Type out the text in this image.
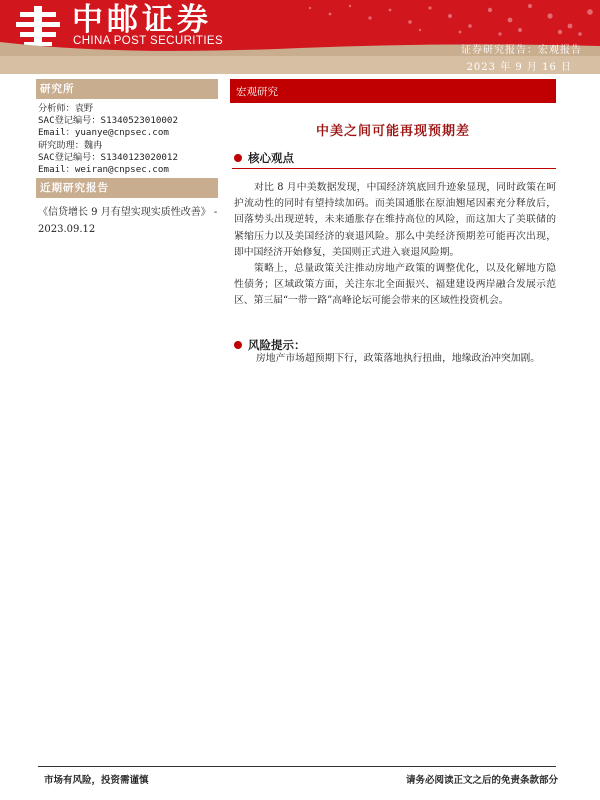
中邮证券
CHINA POST SECURITIES
证券研究报告：宏观报告
2023 年 9 月 16 日
研究所
分析师：袁野
SAC登记编号：S1340523010002
Email：yuanye@cnpsec.com
研究助理：魏冉
SAC登记编号：S1340123020012
Email：weiran@cnpsec.com
近期研究报告
《信贷增长 9 月有望实现实质性改善》 - 2023.09.12
宏观研究
中美之间可能再现预期差
核心观点
对比 8 月中美数据发现，中国经济筑底回升迹象显现，同时政策在呵护流动性的同时有望持续加码。而美国通胀在原油翘尾因素充分释放后，回落势头出现逆转，未来通胀存在维持高位的风险，而这加大了美联储的紧缩压力以及美国经济的衰退风险。那么中美经济预期差可能再次出现，即中国经济开始修复，美国则正式进入衰退风险期。
策略上，总量政策关注推动房地产政策的调整优化，以及化解地方隐性债务；区域政策方面，关注东北全面振兴、福建建设两岸融合发展示范区、第三届“一带一路”高峰论坛可能会带来的区域性投资机会。
风险提示：
房地产市场超预期下行，政策落地执行扭曲，地缘政治冲突加剧。
市场有风险，投资需谨慎	请务必阅读正文之后的免责条款部分
